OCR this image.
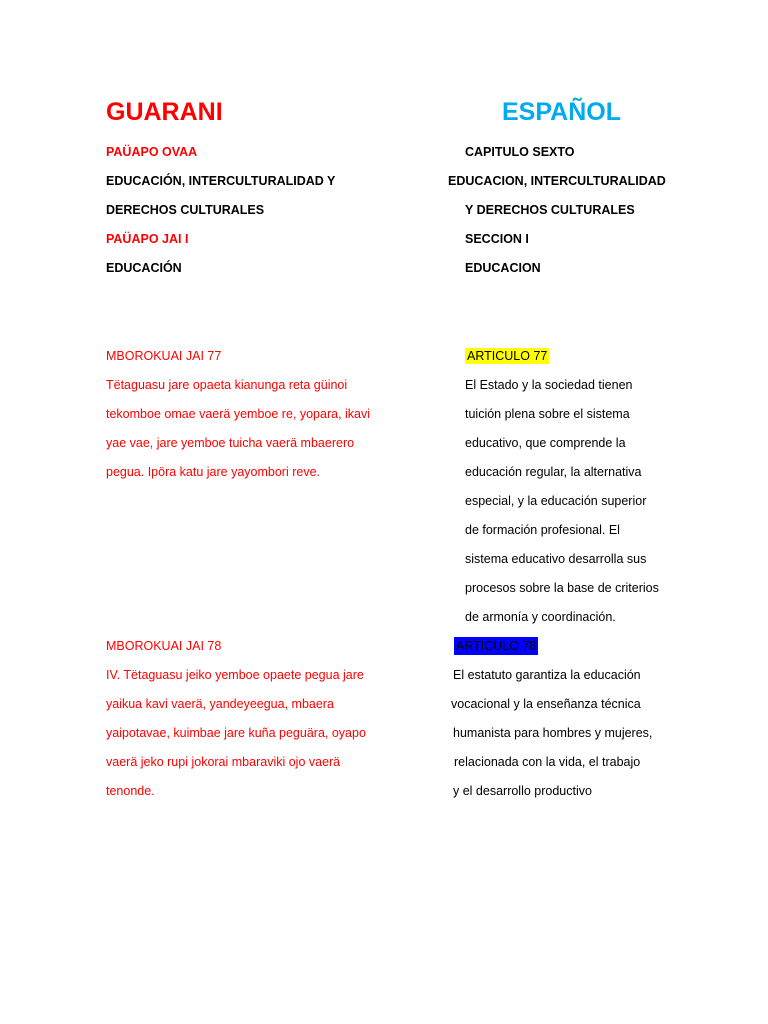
GUARANI	ESPAÑOL
PAÜAPO OVAA
EDUCACIÓN, INTERCULTURALIDAD Y
DERECHOS CULTURALES
PAÜAPO JAI I
EDUCACIÓN
CAPITULO SEXTO
EDUCACION, INTERCULTURALIDAD
Y DERECHOS CULTURALES
SECCION I
EDUCACION
MBOROKUAI JAI 77
Tëtaguasu jare opaeta kianunga reta güinoi
tekomboe omae vaerä yemboe re, yopara, ikavi
yae vae, jare yemboe tuicha vaerä mbaerero
pegua. Ipöra katu jare yayombori reve.
ARTICULO 77
El Estado y la sociedad tienen
tuición plena sobre el sistema
educativo, que comprende la
educación regular, la alternativa
especial, y la educación superior
de formación profesional. El
sistema educativo desarrolla sus
procesos sobre la base de criterios
de armonía y coordinación.
MBOROKUAI JAI 78
IV. Tëtaguasu jeiko yemboe opaete pegua jare
yaikua kavi vaerä, yandeyeegua, mbaera
yaipotavae, kuimbae jare kuña peguära, oyapo
vaerä jeko rupi jokorai mbaraviki ojo vaerä
tenonde.
ARTICULO 78
El estatuto garantiza la educación
vocacional y la enseñanza técnica
humanista para hombres y mujeres,
relacionada con la vida, el trabajo
y el desarrollo productivo
